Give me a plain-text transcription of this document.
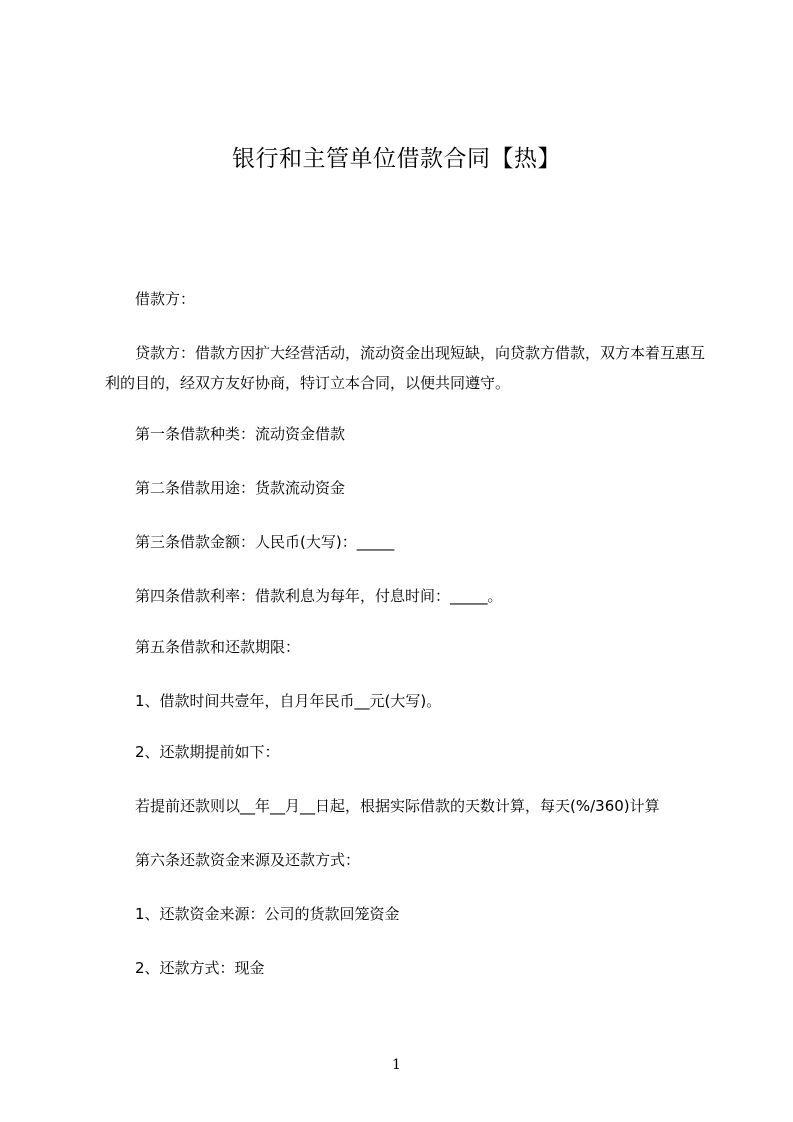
银行和主管单位借款合同【热】

借款方：

贷款方：借款方因扩大经营活动，流动资金出现短缺，向贷款方借款，双方本着互惠互利的目的，经双方友好协商，特订立本合同，以便共同遵守。

第一条借款种类：流动资金借款

第二条借款用途：货款流动资金

第三条借款金额：人民币(大写)：_____

第四条借款利率：借款利息为每年，付息时间：_____。

第五条借款和还款期限：

1、借款时间共壹年，自月年民币__元(大写)。

2、还款期提前如下：

若提前还款则以__年__月__日起，根据实际借款的天数计算，每天(%/360)计算

第六条还款资金来源及还款方式：

1、还款资金来源：公司的货款回笼资金

2、还款方式：现金

1
